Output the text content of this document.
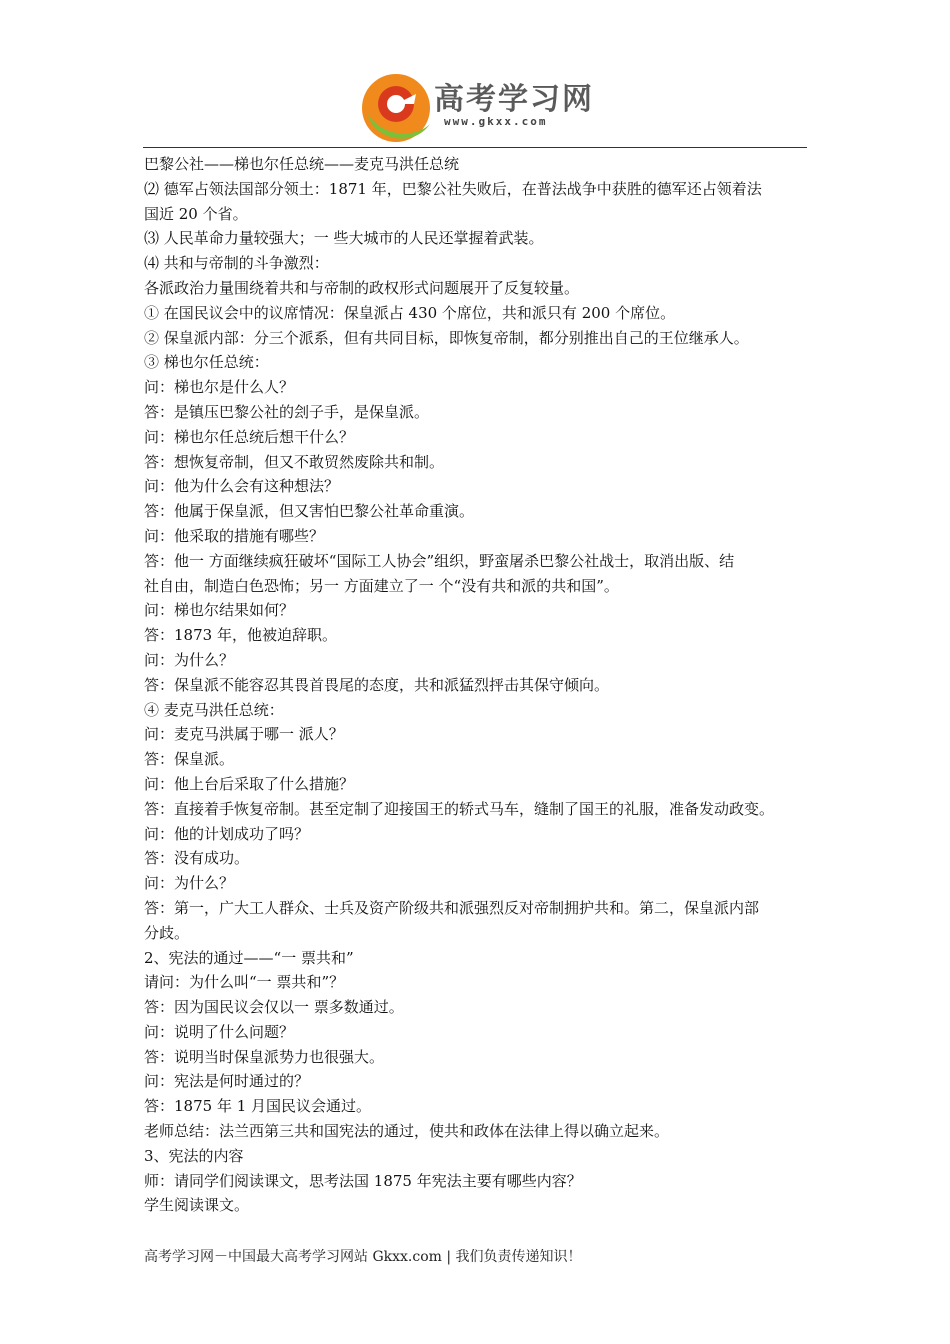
高考学习网
www.gkxx.com
巴黎公社——梯也尔任总统——麦克马洪任总统
⑵ 德军占领法国部分领土：1871 年，巴黎公社失败后，在普法战争中获胜的德军还占领着法
国近 20 个省。
⑶ 人民革命力量较强大；一 些大城市的人民还掌握着武装。
⑷ 共和与帝制的斗争激烈：
各派政治力量围绕着共和与帝制的政权形式问题展开了反复较量。
① 在国民议会中的议席情况：保皇派占 430 个席位，共和派只有 200 个席位。
② 保皇派内部：分三个派系，但有共同目标，即恢复帝制，都分别推出自己的王位继承人。
③ 梯也尔任总统：
问：梯也尔是什么人？
答：是镇压巴黎公社的刽子手，是保皇派。
问：梯也尔任总统后想干什么？
答：想恢复帝制，但又不敢贸然废除共和制。
问：他为什么会有这种想法？
答：他属于保皇派，但又害怕巴黎公社革命重演。
问：他采取的措施有哪些？
答：他一 方面继续疯狂破坏“国际工人协会”组织，野蛮屠杀巴黎公社战士，取消出版、结
社自由，制造白色恐怖；另一 方面建立了一 个“没有共和派的共和国”。
问：梯也尔结果如何？
答：1873 年，他被迫辞职。
问：为什么？
答：保皇派不能容忍其畏首畏尾的态度，共和派猛烈抨击其保守倾向。
④ 麦克马洪任总统：
问：麦克马洪属于哪一 派人？
答：保皇派。
问：他上台后采取了什么措施？
答：直接着手恢复帝制。甚至定制了迎接国王的轿式马车，缝制了国王的礼服，准备发动政变。
问：他的计划成功了吗？
答：没有成功。
问：为什么？
答：第一，广大工人群众、士兵及资产阶级共和派强烈反对帝制拥护共和。第二，保皇派内部
分歧。
2、宪法的通过——“一 票共和”
请问：为什么叫“一 票共和”？
答：因为国民议会仅以一 票多数通过。
问：说明了什么问题？
答：说明当时保皇派势力也很强大。
问：宪法是何时通过的？
答：1875 年 1 月国民议会通过。
老师总结：法兰西第三共和国宪法的通过，使共和政体在法律上得以确立起来。
3、宪法的内容
师：请同学们阅读课文，思考法国 1875 年宪法主要有哪些内容？
学生阅读课文。
高考学习网－中国最大高考学习网站 Gkxx.com | 我们负责传递知识！
